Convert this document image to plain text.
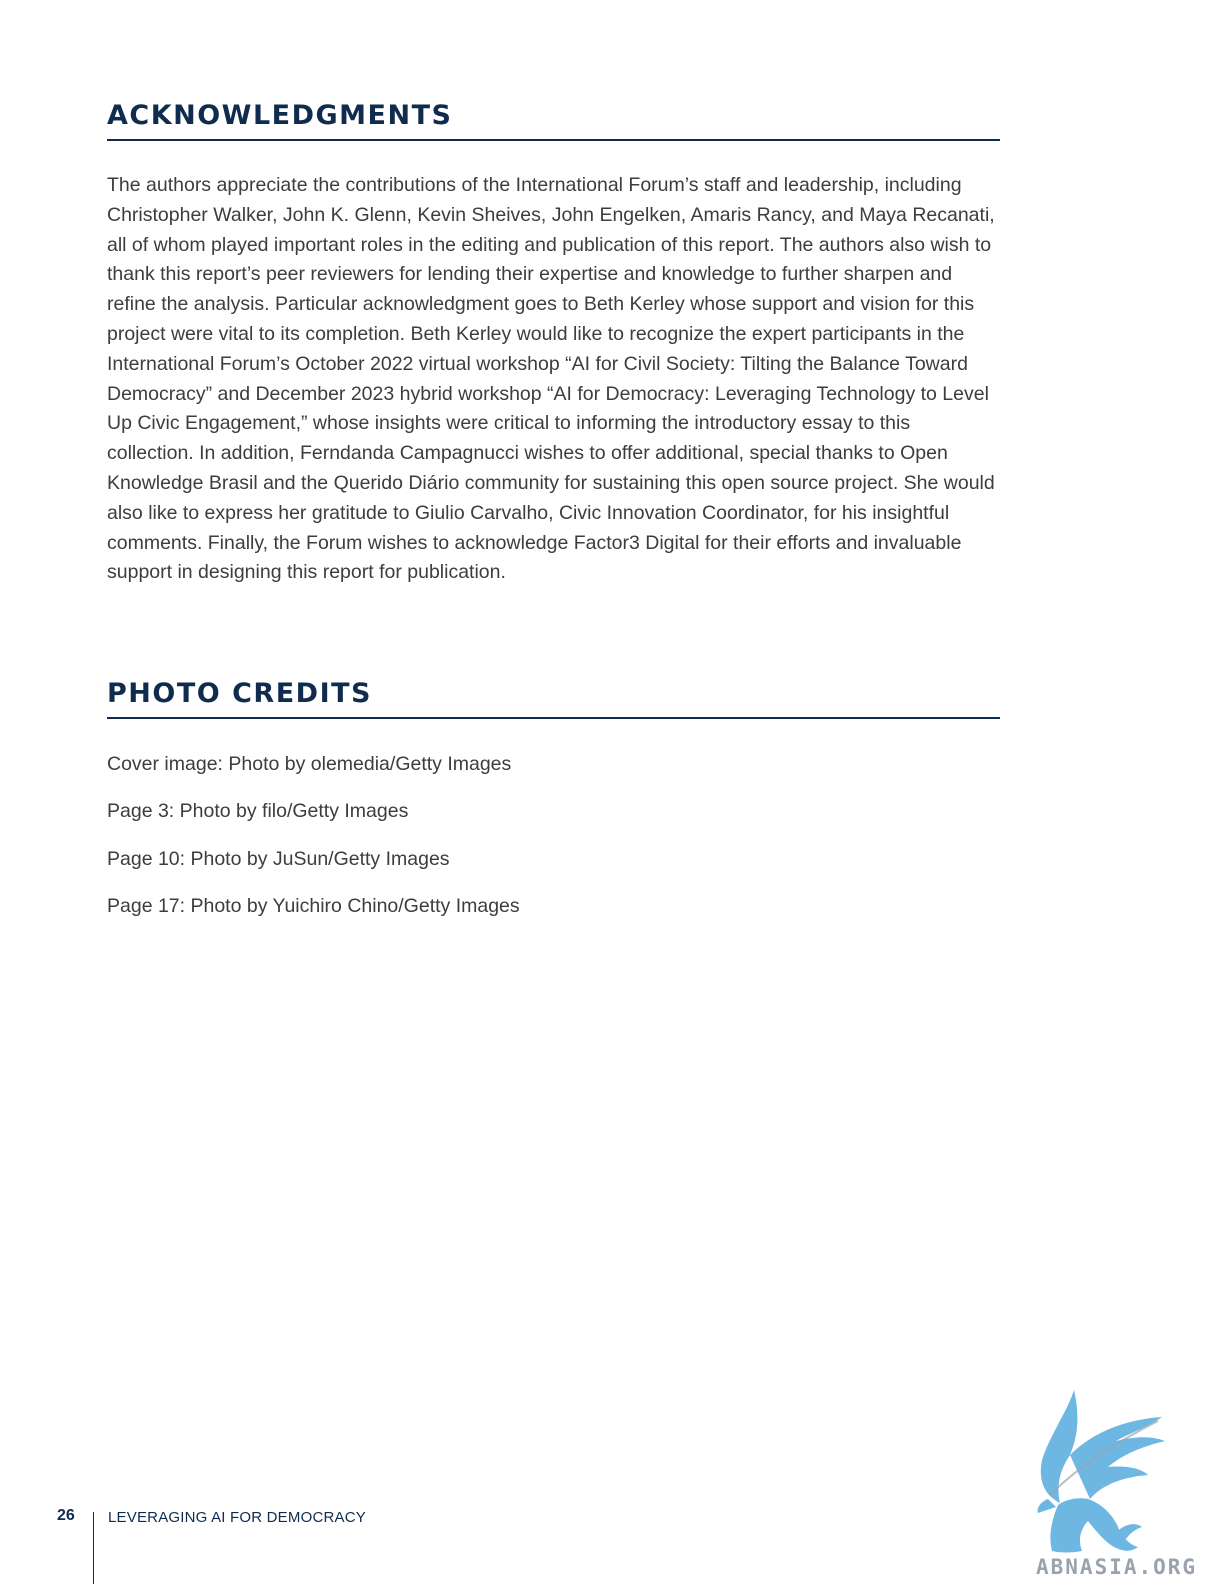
ACKNOWLEDGMENTS

The authors appreciate the contributions of the International Forum’s staff and leadership, including Christopher Walker, John K. Glenn, Kevin Sheives, John Engelken, Amaris Rancy, and Maya Recanati, all of whom played important roles in the editing and publication of this report. The authors also wish to thank this report’s peer reviewers for lending their expertise and knowledge to further sharpen and refine the analysis. Particular acknowledgment goes to Beth Kerley whose support and vision for this project were vital to its completion. Beth Kerley would like to recognize the expert participants in the International Forum’s October 2022 virtual workshop “AI for Civil Society: Tilting the Balance Toward Democracy” and December 2023 hybrid workshop “AI for Democracy: Leveraging Technology to Level Up Civic Engagement,” whose insights were critical to informing the introductory essay to this collection. In addition, Ferndanda Campagnucci wishes to offer additional, special thanks to Open Knowledge Brasil and the Querido Diário community for sustaining this open source project. She would also like to express her gratitude to Giulio Carvalho, Civic Innovation Coordinator, for his insightful comments. Finally, the Forum wishes to acknowledge Factor3 Digital for their efforts and invaluable support in designing this report for publication.

PHOTO CREDITS

Cover image: Photo by olemedia/Getty Images

Page 3: Photo by filo/Getty Images

Page 10: Photo by JuSun/Getty Images

Page 17: Photo by Yuichiro Chino/Getty Images

26 LEVERAGING AI FOR DEMOCRACY
ABNASIA.ORG
